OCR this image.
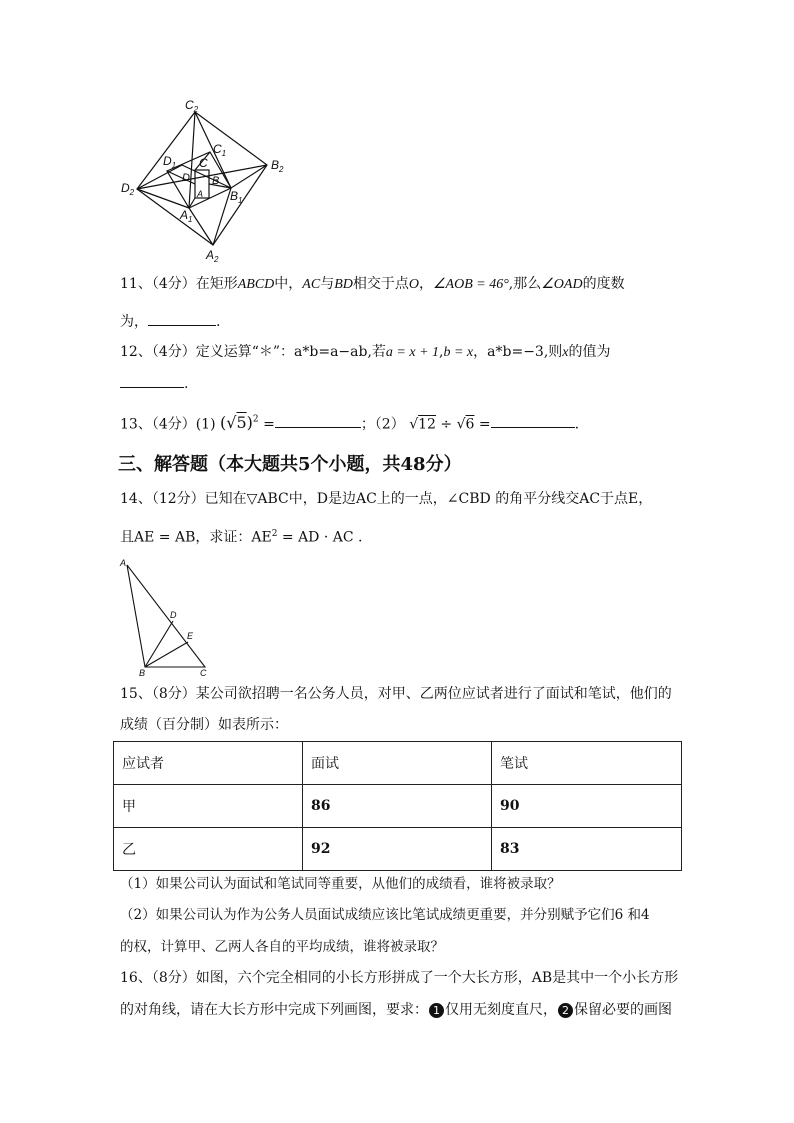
$C_2$
$B_2$
$D_2$
$A_2$
$C_1$
$B_1$
$D_1$
$A_1$
C
B
D
A
11、（4分）在矩形ABCD中，AC与BD相交于点O，∠AOB = 46°,那么∠OAD的度数
为，	.
12、（4分）定义运算“＊”：a*b=a−ab,若a = x + 1,b = x，a*b=−3,则x的值为
.
13、（4分）(1) $(√5)^2$ =	；（2） √12 ÷ √6 =	.
三、解答题（本大题共5个小题，共48分）
14、（12分）已知在▽ABC中，D是边AC上的一点，∠CBD 的角平分线交AC于点E，
且AE = AB，求证：$AE^2$ = AD · AC .
A
B	C
D
E
15、（8分）某公司欲招聘一名公务人员，对甲、乙两位应试者进行了面试和笔试，他们的
成绩（百分制）如表所示：
应试者	面试	笔试
甲	86	90
乙	92	83
（1）如果公司认为面试和笔试同等重要，从他们的成绩看，谁将被录取？
（2）如果公司认为作为公务人员面试成绩应该比笔试成绩更重要，并分别赋予它们6 和4
的权，计算甲、乙两人各自的平均成绩，谁将被录取？
16、（8分）如图，六个完全相同的小长方形拼成了一个大长方形，AB是其中一个小长方形
的对角线，请在大长方形中完成下列画图，要求： 1 仅用无刻度直尺， 2 保留必要的画图
